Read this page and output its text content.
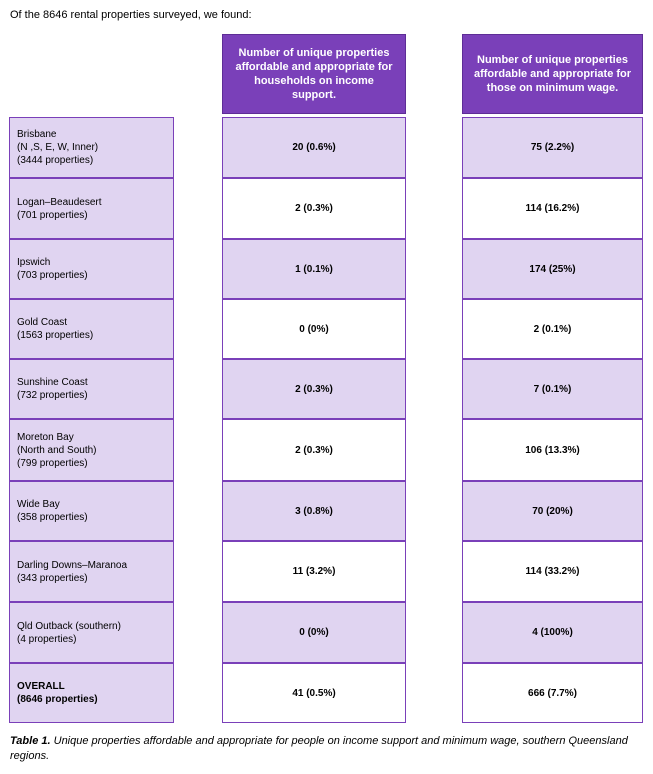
Of the 8646 rental properties surveyed, we found:
Number of unique properties affordable and appropriate for households on income support.
Number of unique properties affordable and appropriate for those on minimum wage.
Brisbane
(N ,S, E, W, Inner)
(3444 properties)
20 (0.6%)	75 (2.2%)
Logan–Beaudesert
(701 properties)
2 (0.3%)	114 (16.2%)
Ipswich
(703 properties)
1 (0.1%)	174 (25%)
Gold Coast
(1563 properties)
0 (0%)	2 (0.1%)
Sunshine Coast
(732 properties)
2 (0.3%)	7 (0.1%)
Moreton Bay
(North and South)
(799 properties)
2 (0.3%)	106 (13.3%)
Wide Bay
(358 properties)
3 (0.8%)	70 (20%)
Darling Downs–Maranoa
(343 properties)
11 (3.2%)	114 (33.2%)
Qld Outback (southern)
(4 properties)
0 (0%)	4 (100%)
OVERALL
(8646 properties)
41 (0.5%)	666 (7.7%)
Table 1. Unique properties affordable and appropriate for people on income support and minimum wage, southern Queensland regions.
